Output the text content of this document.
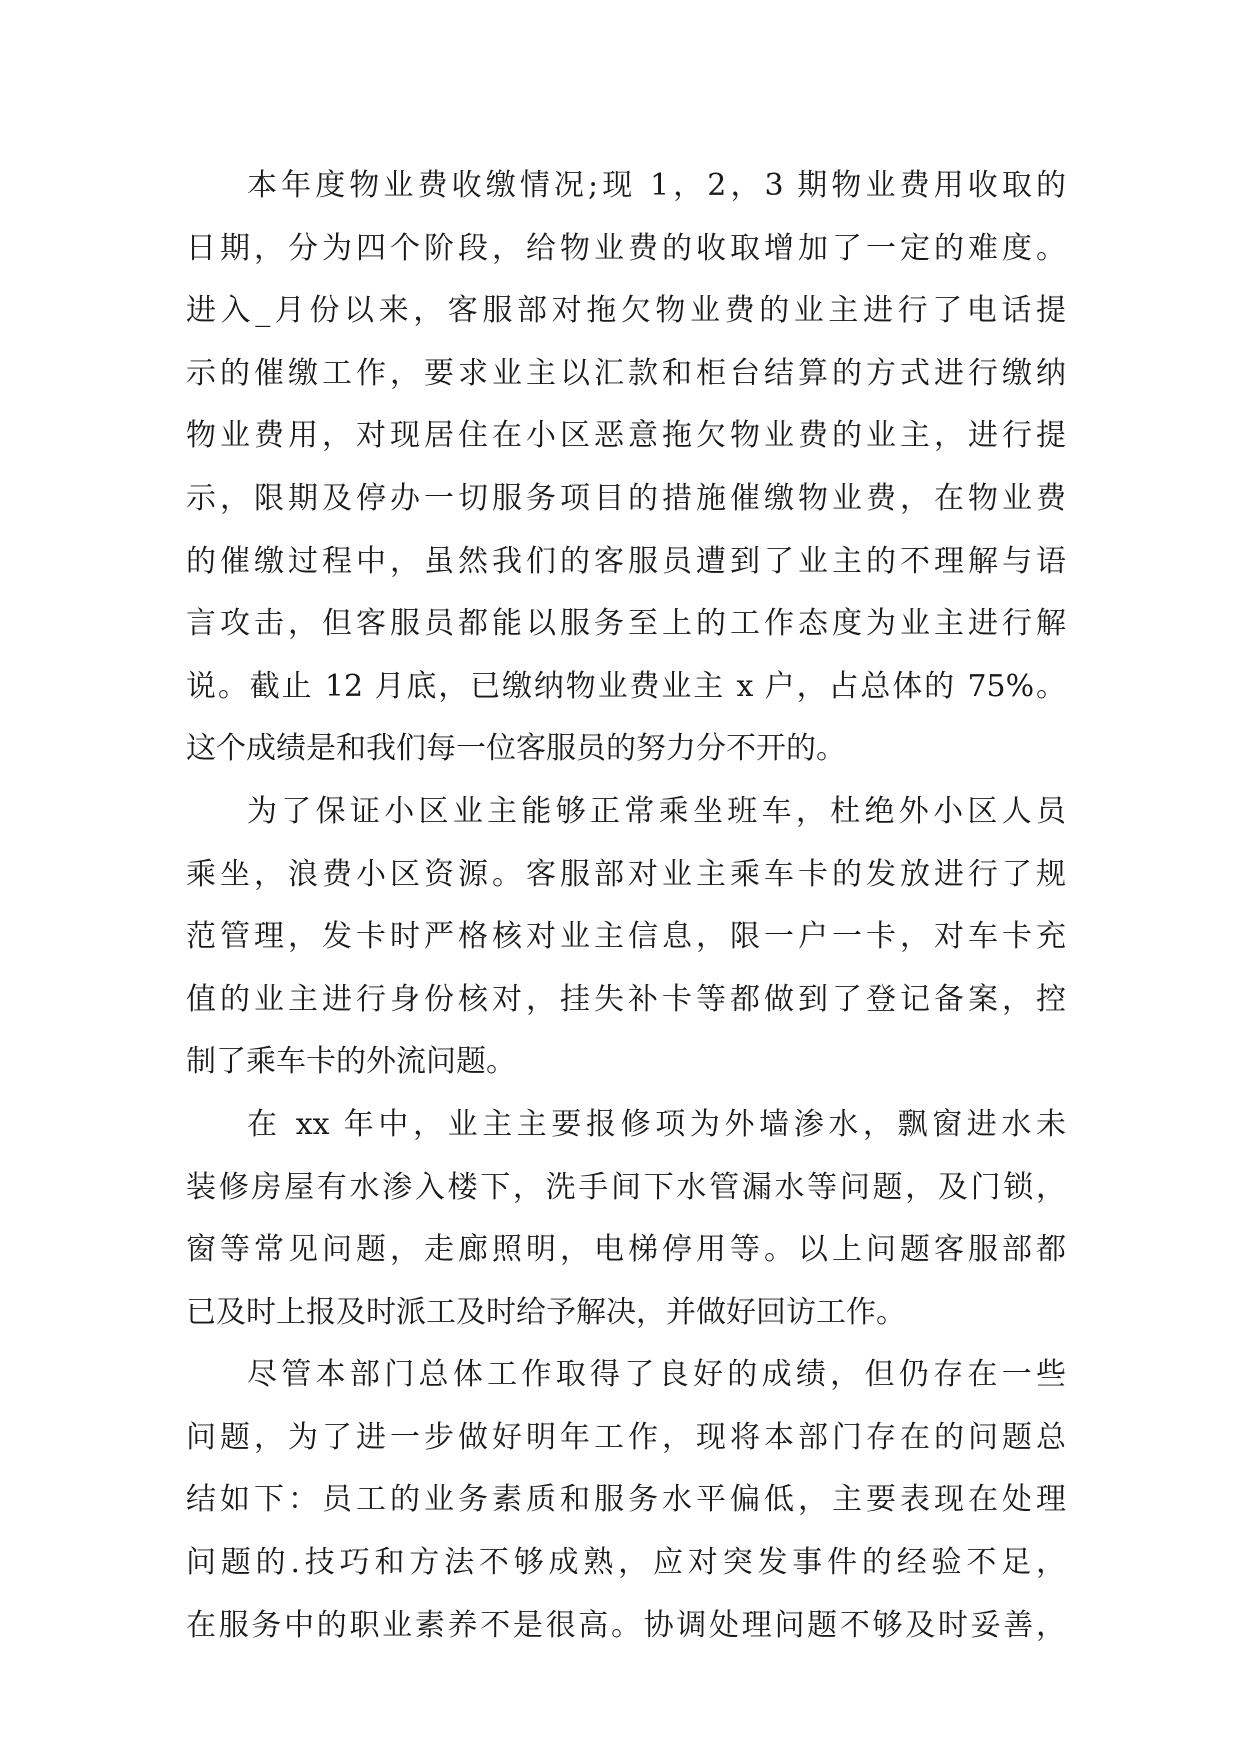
本年度物业费收缴情况;现 1，2，3 期物业费用收取的
日期，分为四个阶段，给物业费的收取增加了一定的难度。
进入_月份以来，客服部对拖欠物业费的业主进行了电话提
示的催缴工作，要求业主以汇款和柜台结算的方式进行缴纳
物业费用，对现居住在小区恶意拖欠物业费的业主，进行提
示，限期及停办一切服务项目的措施催缴物业费，在物业费
的催缴过程中，虽然我们的客服员遭到了业主的不理解与语
言攻击，但客服员都能以服务至上的工作态度为业主进行解
说。截止 12 月底，已缴纳物业费业主 x 户，占总体的 75%。
这个成绩是和我们每一位客服员的努力分不开的。
为了保证小区业主能够正常乘坐班车，杜绝外小区人员
乘坐，浪费小区资源。客服部对业主乘车卡的发放进行了规
范管理，发卡时严格核对业主信息，限一户一卡，对车卡充
值的业主进行身份核对，挂失补卡等都做到了登记备案，控
制了乘车卡的外流问题。
在 xx 年中，业主主要报修项为外墙渗水，飘窗进水未
装修房屋有水渗入楼下，洗手间下水管漏水等问题，及门锁，
窗等常见问题，走廊照明，电梯停用等。以上问题客服部都
已及时上报及时派工及时给予解决，并做好回访工作。
尽管本部门总体工作取得了良好的成绩，但仍存在一些
问题，为了进一步做好明年工作，现将本部门存在的问题总
结如下：员工的业务素质和服务水平偏低，主要表现在处理
问题的.技巧和方法不够成熟，应对突发事件的经验不足，
在服务中的职业素养不是很高。协调处理问题不够及时妥善，
